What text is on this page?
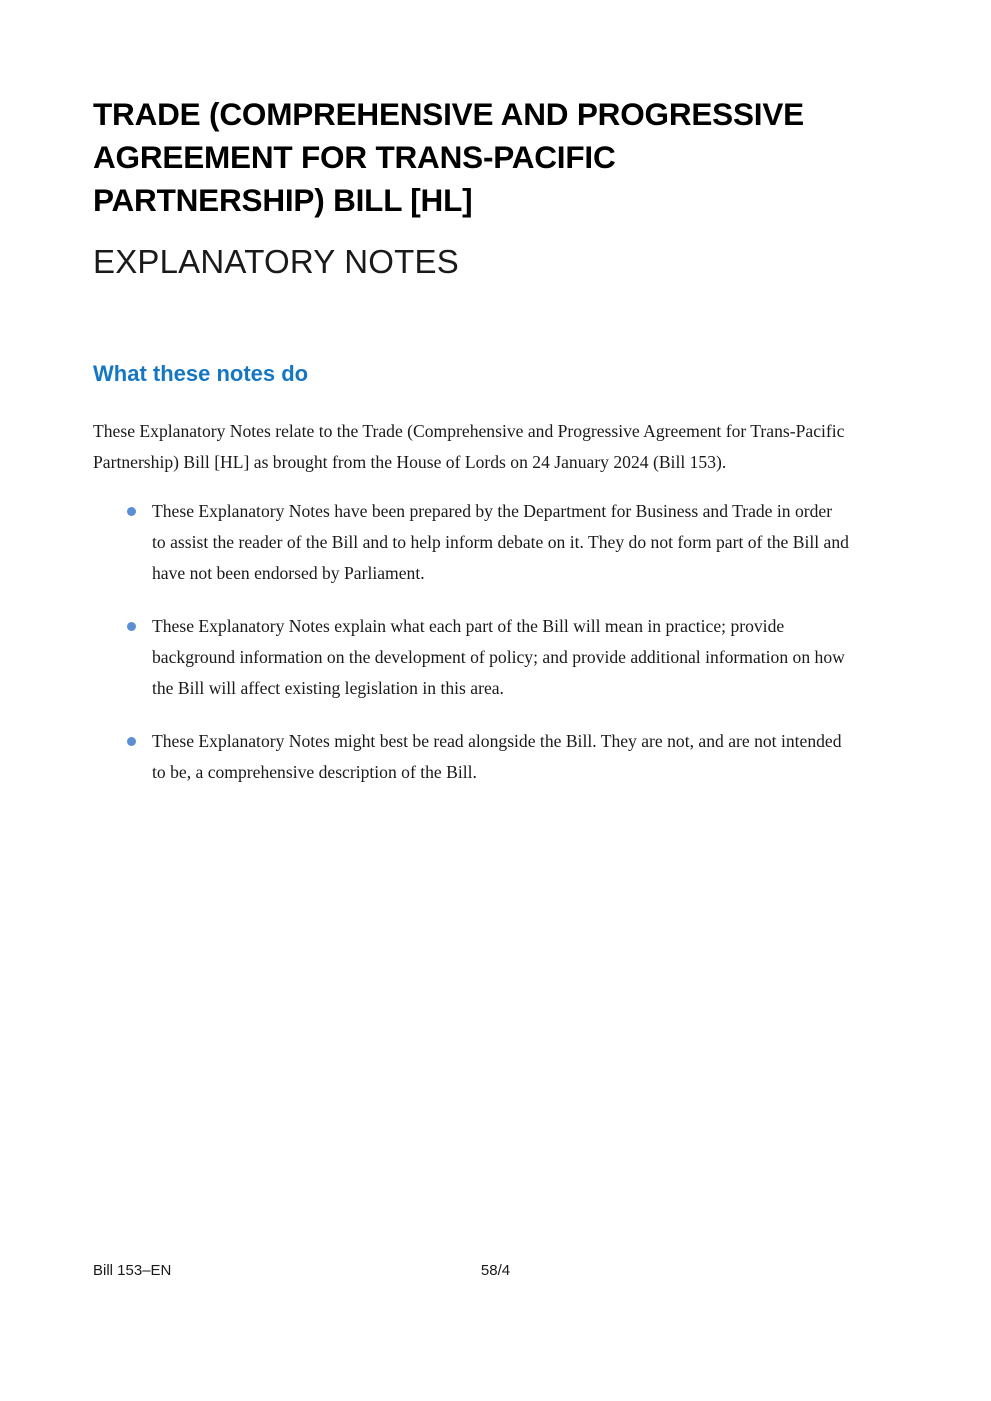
TRADE (COMPREHENSIVE AND PROGRESSIVE AGREEMENT FOR TRANS-PACIFIC PARTNERSHIP) BILL [HL]
EXPLANATORY NOTES
What these notes do

These Explanatory Notes relate to the Trade (Comprehensive and Progressive Agreement for Trans-Pacific Partnership) Bill [HL] as brought from the House of Lords on 24 January 2024 (Bill 153).

These Explanatory Notes have been prepared by the Department for Business and Trade in order to assist the reader of the Bill and to help inform debate on it. They do not form part of the Bill and have not been endorsed by Parliament.
These Explanatory Notes explain what each part of the Bill will mean in practice; provide background information on the development of policy; and provide additional information on how the Bill will affect existing legislation in this area.
These Explanatory Notes might best be read alongside the Bill. They are not, and are not intended to be, a comprehensive description of the Bill.
Bill 153–EN	58/4
